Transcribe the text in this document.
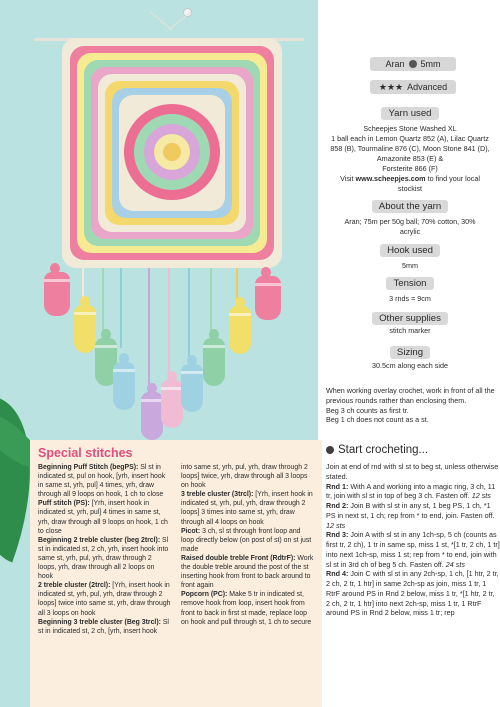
Special stitches
Beginning Puff Stitch (begPS): Sl st in indicated st, pul on hook, [yrh, insert hook in same st, yrh, pul] 4 times, yrh, draw through all 9 loops on hook, 1 ch to close
Puff stitch (PS): [Yrh, insert hook in indicated st, yrh, pul] 4 times in same st, yrh, draw through all 9 loops on hook, 1 ch to close
Beginning 2 treble cluster (beg 2trcl): Sl st in indicated st, 2 ch, yrh, insert hook into same st, yrh, pul, yrh, draw through 2 loops, yrh, draw through all 2 loops on hook
2 treble cluster (2trcl): [Yrh, insert hook in indicated st, yrh, pul, yrh, draw through 2 loops] twice into same st, yrh, draw through all 3 loops on hook
Beginning 3 treble cluster (Beg 3trcl): Sl st in indicated st, 2 ch, [yrh, insert hook
into same st, yrh, pul, yrh, draw through 2 loops] twice, yrh, draw through all 3 loops on hook
3 treble cluster (3trcl): [Yrh, insert hook in indicated st, yrh, pul, yrh, draw through 2 loops] 3 times into same st, yrh, draw through all 4 loops on hook
Picot: 3 ch, sl st through front loop and loop directly below (on post of st) on st just made
Raised double treble Front (RdtrF): Work the double treble around the post of the st inserting hook from front to back around to front again
Popcorn (PC): Make 5 tr in indicated st, remove hook from loop, insert hook from front to back in first st made, replace loop on hook and pull through st, 1 ch to secure
Aran 5mm
★★★ Advanced
Yarn used

Scheepjes Stone Washed XL
1 ball each in Lemon Quartz 852 (A), Lilac Quartz 858 (B), Tourmaline 876 (C), Moon Stone 841 (D), Amazonite 853 (E) &
Forsterite 866 (F)
Visit www.scheepjes.com to find your local stockist

About the yarn

Aran; 75m per 50g ball; 70% cotton, 30% acrylic

Hook used

5mm

Tension

3 rnds = 9cm

Other supplies

stitch marker

Sizing

30.5cm along each side

When working overlay crochet, work in front of all the previous rounds rather than enclosing them.
Beg 3 ch counts as first tr.
Beg 1 ch does not count as a st.
Start crocheting...
Join at end of rnd with sl st to beg st, unless otherwise stated.
Rnd 1: With A and working into a magic ring, 3 ch, 11 tr, join with sl st in top of beg 3 ch. Fasten off. 12 sts
Rnd 2: Join B with sl st in any st, 1 beg PS, 1 ch, *1 PS in next st, 1 ch; rep from * to end, join. Fasten off. 12 sts
Rnd 3: Join A with sl st in any 1ch-sp, 5 ch (counts as first tr, 2 ch), 1 tr in same sp, miss 1 st, *[1 tr, 2 ch, 1 tr] into next 1ch-sp, miss 1 st; rep from * to end, join with sl st in 3rd ch of beg 5 ch. Fasten off. 24 sts
Rnd 4: Join C with sl st in any 2ch-sp, 1 ch, [1 htr, 2 tr, 2 ch, 2 tr, 1 htr] in same 2ch-sp as join, miss 1 tr, 1 RtrF around PS in Rnd 2 below, miss 1 tr, *[1 htr, 2 tr, 2 ch, 2 tr, 1 htr] into next 2ch-sp, miss 1 tr, 1 RtrF around PS in Rnd 2 below, miss 1 tr; rep
